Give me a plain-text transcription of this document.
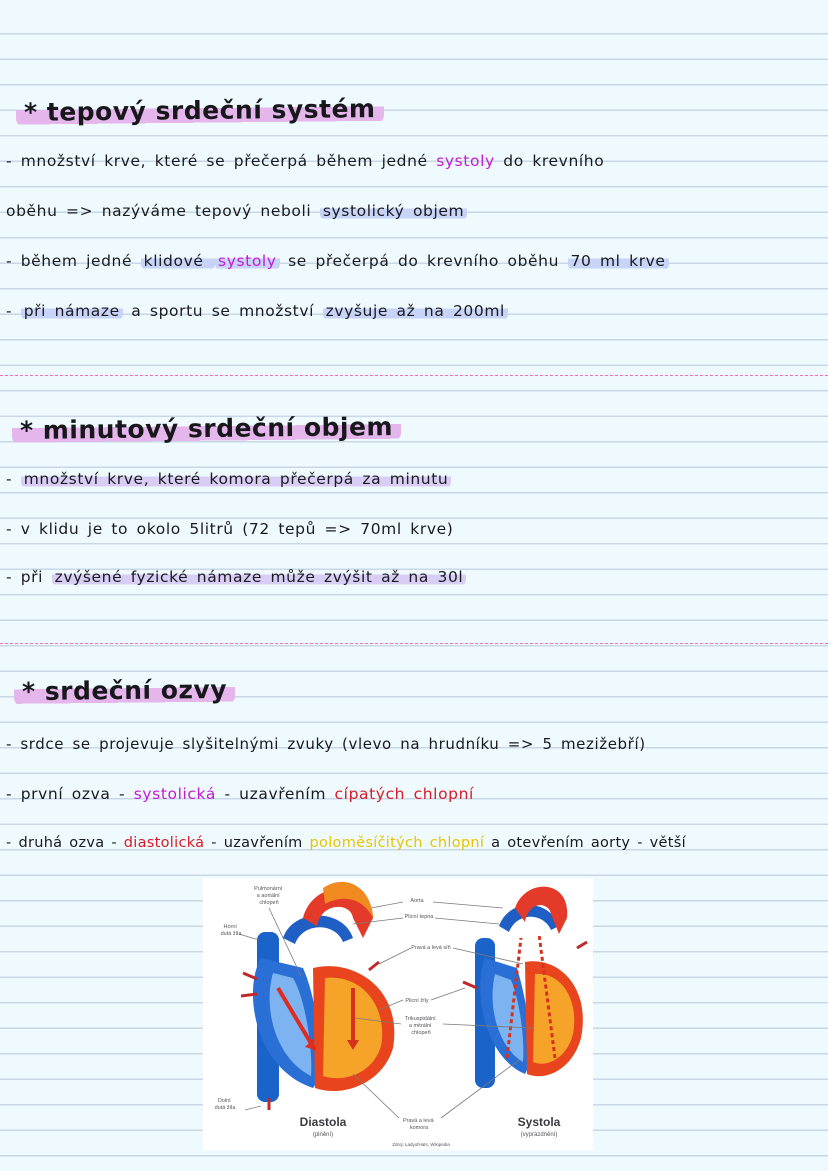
* tepový srdeční systém
- množství krve, které se přečerpá během jedné systoly do krevního
oběhu => nazýváme tepový neboli systolický objem
- během jedné klidové systoly se přečerpá do krevního oběhu 70 ml krve
- při námaze a sportu se množství zvyšuje až na 200ml
* minutový srdeční objem
- množství krve, které komora přečerpá za minutu
- v klidu je to okolo 5litrů (72 tepů => 70ml krve)
- při zvýšené fyzické námaze může zvýšit až na 30l
* srdeční ozvy
- srdce se projevuje slyšitelnými zvuky (vlevo na hrudníku => 5 mezižebří)
- první ozva - systolická - uzavřením cípatých chlopní
- druhá ozva - diastolická - uzavřením poloměsíčitých chlopní a otevřením aorty - větší
Pulmonární a aortální chlopeň
Horní dutá žíla
Dolní dutá žíla
Aorta
Plicní tepna
Pravá a levá síň
Plicní žíly
Trikuspidální a mitrální chlopeň
Pravá a levá komora
Diastola
(plnění)
Systola
(vyprázdnění)
Zdroj: LadyofHats, Wikipedia
